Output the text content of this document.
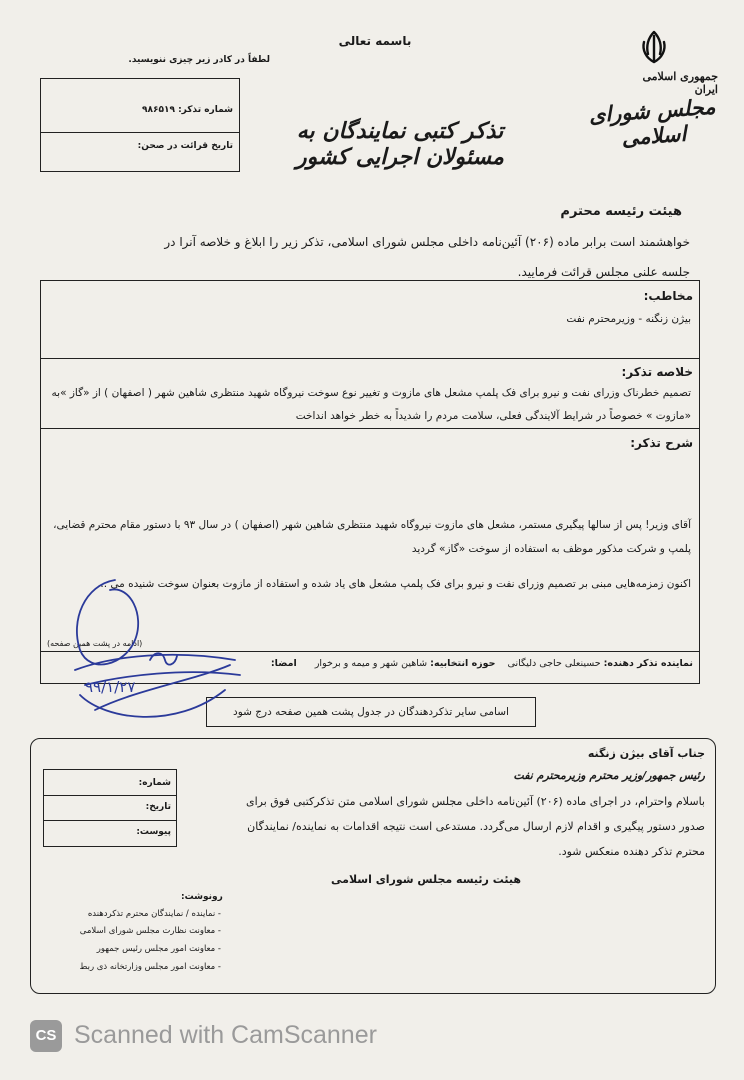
باسمه تعالی
لطفاً در کادر زیر چیزی ننویسید.
شماره تذکر: ۹۸۶۵۱۹
تاریخ قرائت در صحن:
تذکر کتبی نمایندگان به مسئولان اجرایی کشور
جمهوری اسلامی ایران
مجلس شورای اسلامی
هیئت رئیسه محترم
خواهشمند است برابر ماده (۲۰۶) آئین‌نامه داخلی مجلس شورای اسلامی، تذکر زیر را ابلاغ و خلاصه آنرا در
جلسه علنی مجلس قرائت فرمایید.
مخاطب:
بیژن زنگنه - وزیرمحترم نفت
خلاصه تذکر:
تصمیم خطرناک وزرای نفت و نیرو برای فک پلمپ مشعل های مازوت و تغییر نوع سوخت نیروگاه شهید منتظری شاهین شهر ( اصفهان ) از «گاز »به
«مازوت » خصوصاً در شرایط آلایندگی فعلی، سلامت مردم را شدیداً به خطر خواهد انداخت
شرح تذکر:
آقای وزیر! پس از سالها پیگیری مستمر، مشعل های مازوت نیروگاه شهید منتظری شاهین شهر (اصفهان ) در سال ۹۳ با دستور مقام محترم قضایی،
پلمپ و شرکت مذکور موظف به استفاده از سوخت «گاز» گردید
اکنون زمزمه‌هایی مبنی بر تصمیم وزرای نفت و نیرو برای فک پلمپ مشعل های یاد شده و استفاده از مازوت بعنوان سوخت شنیده می ...
(ادامه در پشت همین صفحه)
نماینده تذکر دهنده: حسینعلی حاجی دلیگانی    حوزه انتخابیه: شاهین شهر و میمه و برخوار      امضا:
اسامی سایر تذکردهندگان در جدول پشت همین صفحه درج شود
۹۹/۱/۲۷
جناب آقای بیژن زنگنه
رئیس جمهور/وزیر محترم وزیرمحترم نفت
باسلام واحترام، در اجرای ماده (۲۰۶) آئین‌نامه داخلی مجلس شورای اسلامی متن تذکرکتبی فوق برای
صدور دستور پیگیری و اقدام لازم ارسال می‌گردد. مستدعی است نتیجه اقدامات به نماینده/ نمایندگان
محترم تذکر دهنده منعکس شود.
شماره:
تاریخ:
پیوست:
هیئت رئیسه مجلس شورای اسلامی
رونوشت:
- نماینده / نمایندگان محترم تذکردهنده
- معاونت نظارت مجلس شورای اسلامی
- معاونت امور مجلس رئیس جمهور
- معاونت امور مجلس وزارتخانه ذی ربط
CS Scanned with CamScanner
